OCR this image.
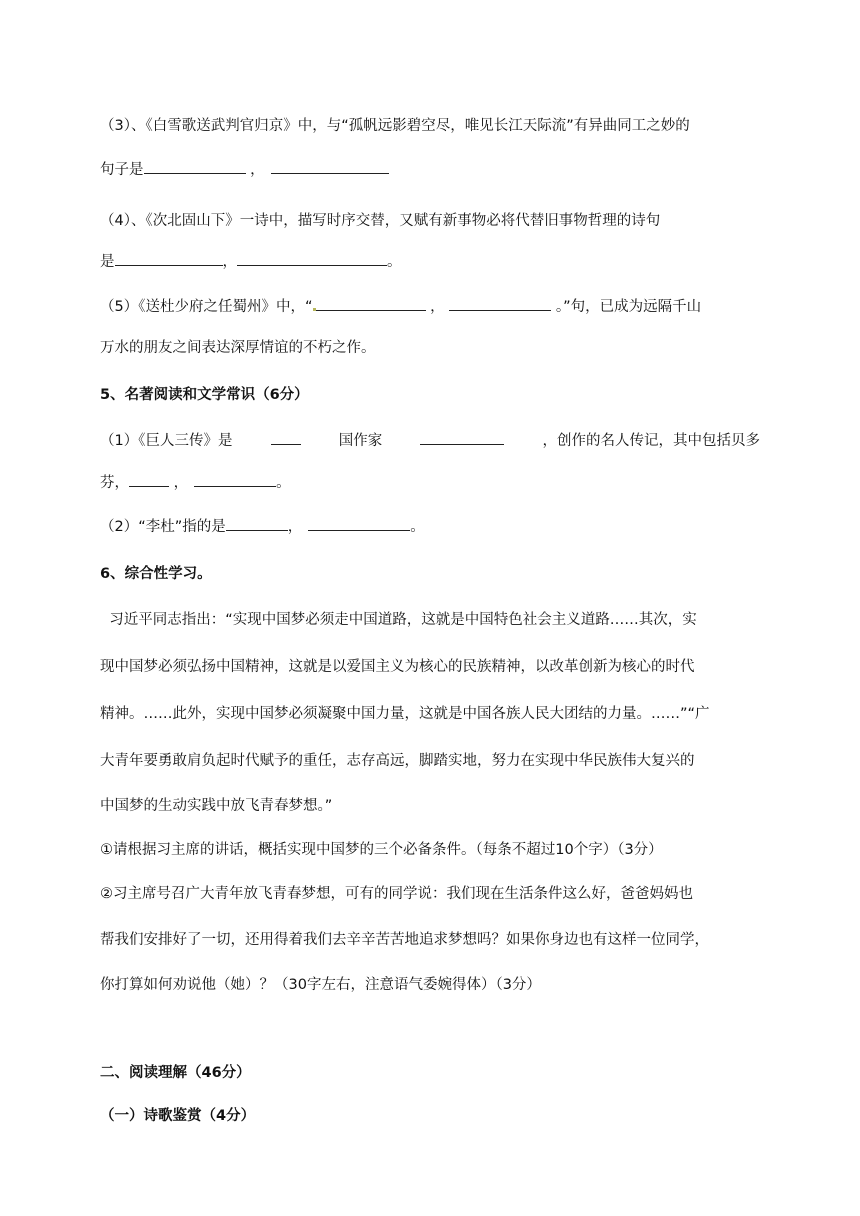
（3）、《白雪歌送武判官归京》中，与“孤帆远影碧空尽，唯见长江天际流”有异曲同工之妙的
句子是	，
（4）、《次北固山下》一诗中，描写时序交替，又赋有新事物必将代替旧事物哲理的诗句
是	，	。
（5）《送杜少府之任蜀州》中，“	，	。”句，已成为远隔千山
万水的朋友之间表达深厚情谊的不朽之作。
5、名著阅读和文学常识（6分）
（1）《巨人三传》是	国作家	，创作的名人传记，其中包括贝多
芬，	，	。
（2）“李杜”指的是	，	。
6、综合性学习。
习近平同志指出：“实现中国梦必须走中国道路，这就是中国特色社会主义道路……其次，实
现中国梦必须弘扬中国精神，这就是以爱国主义为核心的民族精神，以改革创新为核心的时代
精神。……此外，实现中国梦必须凝聚中国力量，这就是中国各族人民大团结的力量。……”“广
大青年要勇敢肩负起时代赋予的重任，志存高远，脚踏实地，努力在实现中华民族伟大复兴的
中国梦的生动实践中放飞青春梦想。”
①请根据习主席的讲话，概括实现中国梦的三个必备条件。（每条不超过10个字）（3分）
②习主席号召广大青年放飞青春梦想，可有的同学说：我们现在生活条件这么好，爸爸妈妈也
帮我们安排好了一切，还用得着我们去辛辛苦苦地追求梦想吗？如果你身边也有这样一位同学，
你打算如何劝说他（她）？（30字左右，注意语气委婉得体）（3分）
二、阅读理解（46分）
（一）诗歌鉴赏（4分）
